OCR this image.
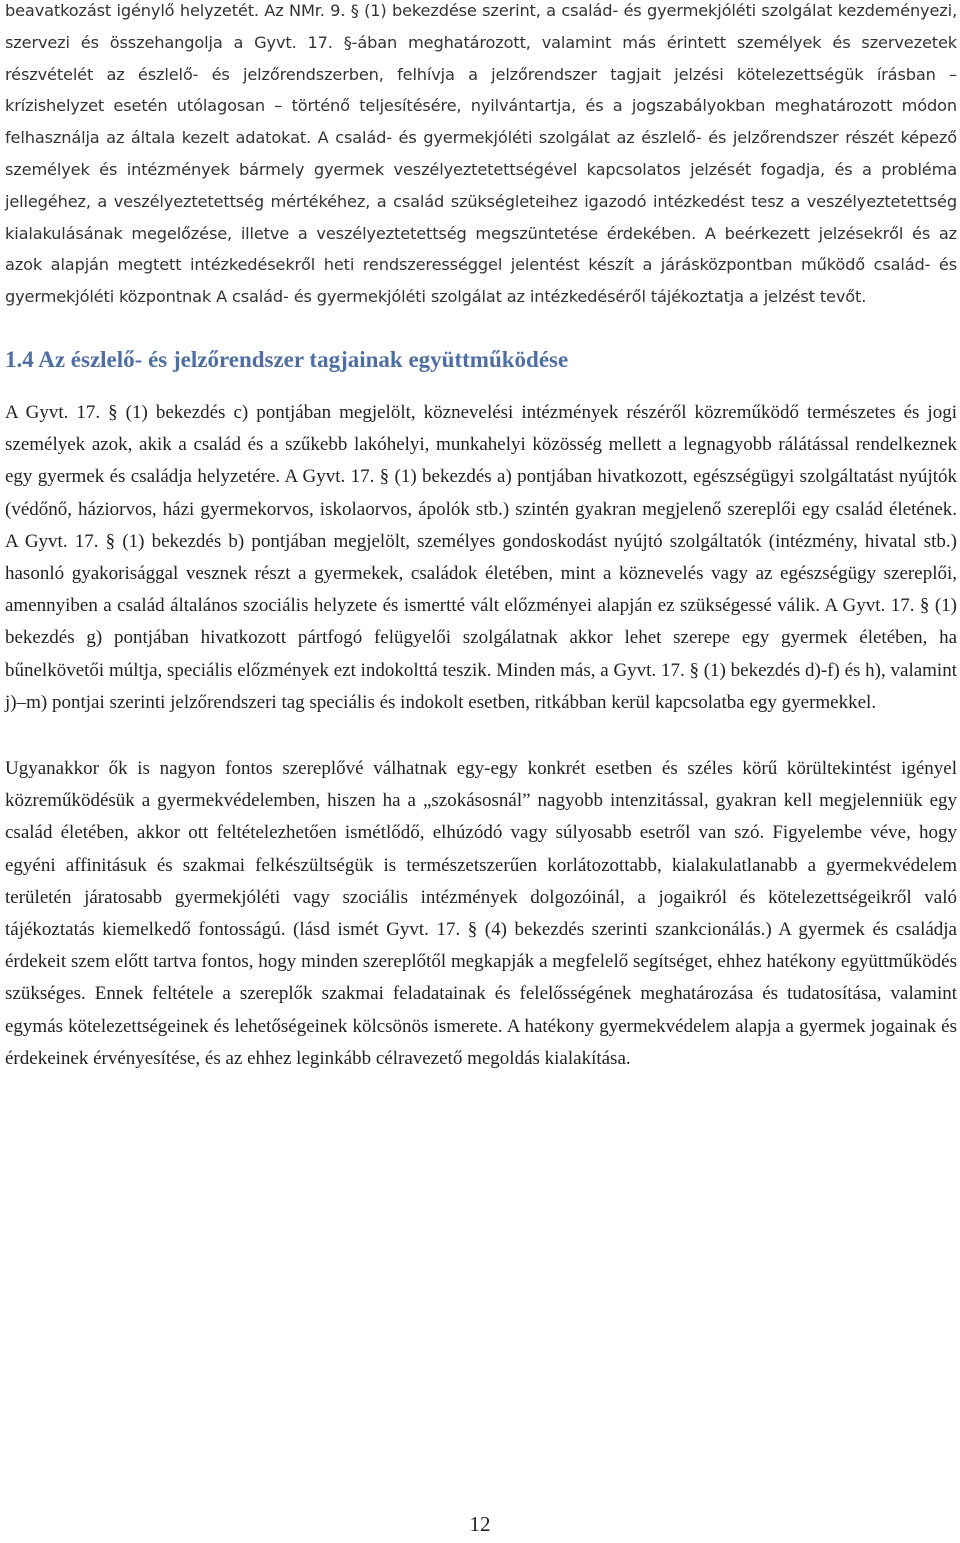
beavatkozást igénylő helyzetét. Az NMr. 9. § (1) bekezdése szerint, a család- és gyermekjóléti szolgálat kezdeményezi, szervezi és összehangolja a Gyvt. 17. §-ában meghatározott, valamint más érintett személyek és szervezetek részvételét az észlelő- és jelzőrendszerben, felhívja a jelzőrendszer tagjait jelzési kötelezettségük írásban – krízishelyzet esetén utólagosan – történő teljesítésére, nyilvántartja, és a jogszabályokban meghatározott módon felhasználja az általa kezelt adatokat. A család- és gyermekjóléti szolgálat az észlelő- és jelzőrendszer részét képező személyek és intézmények bármely gyermek veszélyeztetettségével kapcsolatos jelzését fogadja, és a probléma jellegéhez, a veszélyeztetettség mértékéhez, a család szükségleteihez igazodó intézkedést tesz a veszélyeztetettség kialakulásának megelőzése, illetve a veszélyeztetettség megszüntetése érdekében. A beérkezett jelzésekről és az azok alapján megtett intézkedésekről heti rendszerességgel jelentést készít a járásközpontban működő család- és gyermekjóléti központnak A család- és gyermekjóléti szolgálat az intézkedéséről tájékoztatja a jelzést tevőt.

1.4 Az észlelő- és jelzőrendszer tagjainak együttműködése

A Gyvt. 17. § (1) bekezdés c) pontjában megjelölt, köznevelési intézmények részéről közreműködő természetes és jogi személyek azok, akik a család és a szűkebb lakóhelyi, munkahelyi közösség mellett a legnagyobb rálátással rendelkeznek egy gyermek és családja helyzetére. A Gyvt. 17. § (1) bekezdés a) pontjában hivatkozott, egészségügyi szolgáltatást nyújtók (védőnő, háziorvos, házi gyermekorvos, iskolaorvos, ápolók stb.) szintén gyakran megjelenő szereplői egy család életének. A Gyvt. 17. § (1) bekezdés b) pontjában megjelölt, személyes gondoskodást nyújtó szolgáltatók (intézmény, hivatal stb.) hasonló gyakorisággal vesznek részt a gyermekek, családok életében, mint a köznevelés vagy az egészségügy szereplői, amennyiben a család általános szociális helyzete és ismertté vált előzményei alapján ez szükségessé válik. A Gyvt. 17. § (1) bekezdés g) pontjában hivatkozott pártfogó felügyelői szolgálatnak akkor lehet szerepe egy gyermek életében, ha bűnelkövetői múltja, speciális előzmények ezt indokolttá teszik. Minden más, a Gyvt. 17. § (1) bekezdés d)-f) és h), valamint j)–m) pontjai szerinti jelzőrendszeri tag speciális és indokolt esetben, ritkábban kerül kapcsolatba egy gyermekkel.

Ugyanakkor ők is nagyon fontos szereplővé válhatnak egy-egy konkrét esetben és széles körű körültekintést igényel közreműködésük a gyermekvédelemben, hiszen ha a „szokásosnál” nagyobb intenzitással, gyakran kell megjelenniük egy család életében, akkor ott feltételezhetően ismétlődő, elhúzódó vagy súlyosabb esetről van szó. Figyelembe véve, hogy egyéni affinitásuk és szakmai felkészültségük is természetszerűen korlátozottabb, kialakulatlanabb a gyermekvédelem területén járatosabb gyermekjóléti vagy szociális intézmények dolgozóinál, a jogaikról és kötelezettségeikről való tájékoztatás kiemelkedő fontosságú. (lásd ismét Gyvt. 17. § (4) bekezdés szerinti szankcionálás.) A gyermek és családja érdekeit szem előtt tartva fontos, hogy minden szereplőtől megkapják a megfelelő segítséget, ehhez hatékony együttműködés szükséges. Ennek feltétele a szereplők szakmai feladatainak és felelősségének meghatározása és tudatosítása, valamint egymás kötelezettségeinek és lehetőségeinek kölcsönös ismerete. A hatékony gyermekvédelem alapja a gyermek jogainak és érdekeinek érvényesítése, és az ehhez leginkább célravezető megoldás kialakítása.

12
